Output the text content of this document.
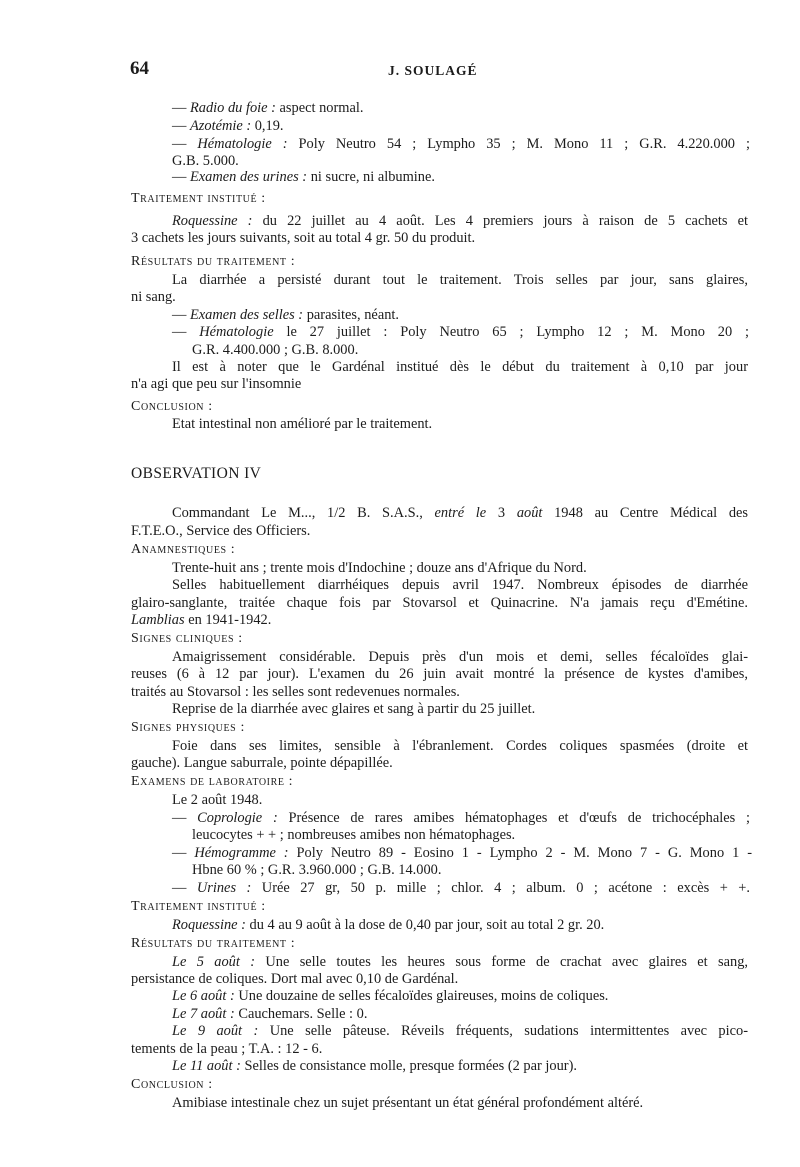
64	J. SOULAGÉ
— Radio du foie : aspect normal.
— Azotémie : 0,19.
— Hématologie : Poly Neutro 54 ; Lympho 35 ; M. Mono 11 ; G.R. 4.220.000 ;
G.B. 5.000.
— Examen des urines : ni sucre, ni albumine.
Traitement institué :
Roquessine : du 22 juillet au 4 août. Les 4 premiers jours à raison de 5 cachets et
3 cachets les jours suivants, soit au total 4 gr. 50 du produit.
Résultats du traitement :
La diarrhée a persisté durant tout le traitement. Trois selles par jour, sans glaires,
ni sang.
— Examen des selles : parasites, néant.
— Hématologie le 27 juillet : Poly Neutro 65 ; Lympho 12 ; M. Mono 20 ;
G.R. 4.400.000 ; G.B. 8.000.
Il est à noter que le Gardénal institué dès le début du traitement à 0,10 par jour
n'a agi que peu sur l'insomnie
Conclusion :
Etat intestinal non amélioré par le traitement.
OBSERVATION IV
Commandant Le M..., 1/2 B. S.A.S., entré le 3 août 1948 au Centre Médical des
F.T.E.O., Service des Officiers.
Anamnestiques :
Trente-huit ans ; trente mois d'Indochine ; douze ans d'Afrique du Nord.
Selles habituellement diarrhéiques depuis avril 1947. Nombreux épisodes de diarrhée
glairo-sanglante, traitée chaque fois par Stovarsol et Quinacrine. N'a jamais reçu d'Emétine.
Lamblias en 1941-1942.
Signes cliniques :
Amaigrissement considérable. Depuis près d'un mois et demi, selles fécaloïdes glai-
reuses (6 à 12 par jour). L'examen du 26 juin avait montré la présence de kystes d'amibes,
traités au Stovarsol : les selles sont redevenues normales.
Reprise de la diarrhée avec glaires et sang à partir du 25 juillet.
Signes physiques :
Foie dans ses limites, sensible à l'ébranlement. Cordes coliques spasmées (droite et
gauche). Langue saburrale, pointe dépapillée.
Examens de laboratoire :
Le 2 août 1948.
— Coprologie : Présence de rares amibes hématophages et d'œufs de trichocéphales ;
leucocytes + + ; nombreuses amibes non hématophages.
— Hémogramme : Poly Neutro 89 - Eosino 1 - Lympho 2 - M. Mono 7 - G. Mono 1 -
Hbne 60 % ; G.R. 3.960.000 ; G.B. 14.000.
— Urines : Urée 27 gr, 50 p. mille ; chlor. 4 ; album. 0 ; acétone : excès + +.
Traitement institué :
Roquessine : du 4 au 9 août à la dose de 0,40 par jour, soit au total 2 gr. 20.
Résultats du traitement :
Le 5 août : Une selle toutes les heures sous forme de crachat avec glaires et sang,
persistance de coliques. Dort mal avec 0,10 de Gardénal.
Le 6 août : Une douzaine de selles fécaloïdes glaireuses, moins de coliques.
Le 7 août : Cauchemars. Selle : 0.
Le 9 août : Une selle pâteuse. Réveils fréquents, sudations intermittentes avec pico-
tements de la peau ; T.A. : 12 - 6.
Le 11 août : Selles de consistance molle, presque formées (2 par jour).
Conclusion :
Amibiase intestinale chez un sujet présentant un état général profondément altéré.
